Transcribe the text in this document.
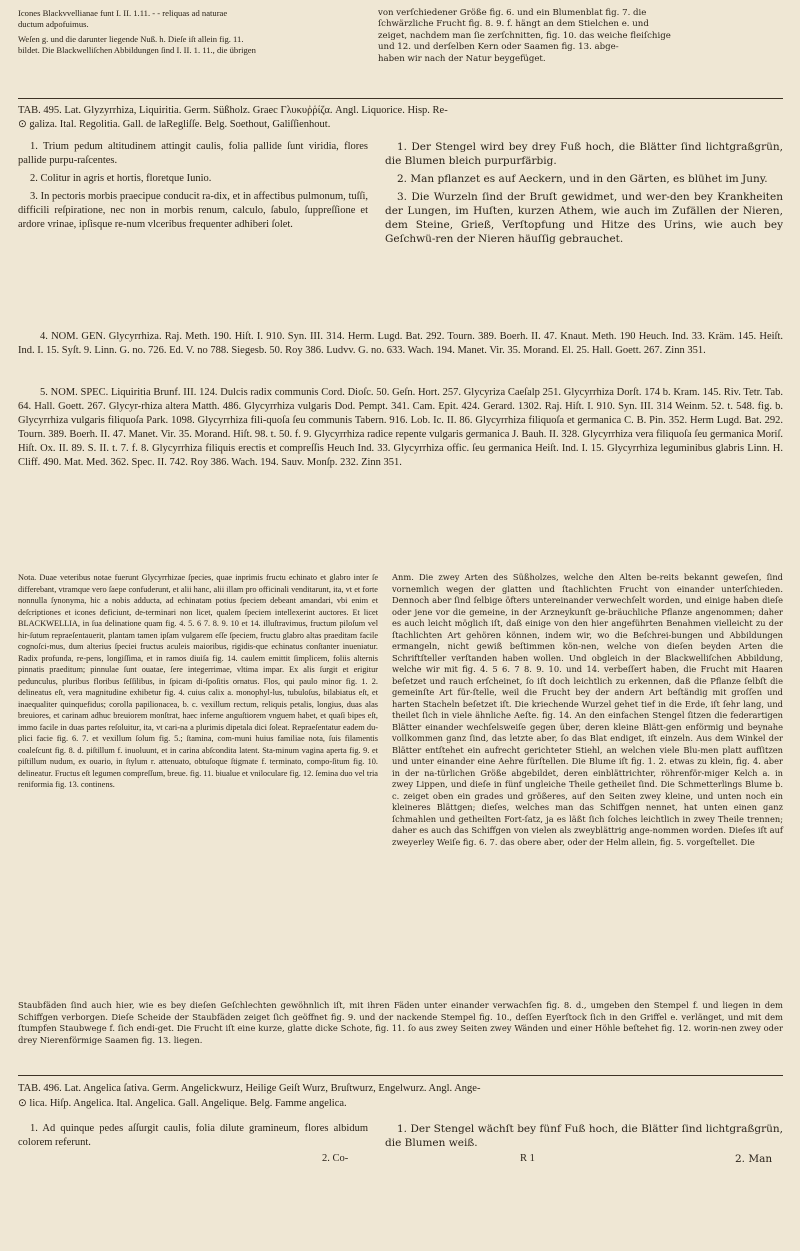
Icones Blackvvellianae funt I. II. 1.11. - - reliquas ad naturae
ductum adpofuimus.
Weſen g. und die darunter liegende Nuß. h. Dieſe iſt allein fig. 11.
bildet. Die Blackwelliſchen Abbildungen ſind I. II. 1. 11., die übrigen
von verſchiedener Größe fig. 6. und ein Blumenblat fig. 7. die
ſchwärzliche Frucht fig. 8. 9. f. hängt an dem Stielchen e. und
zeiget, nachdem man ſie zerſchnitten, fig. 10. das weiche fleiſchige
und 12. und derſelben Kern oder Saamen fig. 13. abge-
haben wir nach der Natur beygefüget.
TAB. 495. Lat. Glyzyrrhiza, Liquiritia. Germ. Süßholz. Graec Γλυκυῤῥίζα. Angl. Liquorice. Hisp. Re-
⊙ galiza. Ital. Regolitia. Gall. de laRegliſſe. Belg. Soethout, Galiſſienhout.

1. Trium pedum altitudinem attingit caulis, folia pallide ſunt viridia, flores pallide purpu-raſcentes.

2. Colitur in agris et hortis, floretque Iunio.

3. In pectoris morbis praecipue conducit ra-dix, et in affectibus pulmonum, tuſſi, difficili reſpiratione, nec non in morbis renum, calculo, ſabulo, ſuppreſſione et ardore vrinae, ipſisque re-num vlceribus frequenter adhiberi ſolet.

1. Der Stengel wird bey drey Fuß hoch, die Blätter ſind lichtgraßgrün, die Blumen bleich purpurfärbig.

2. Man pflanzet es auf Aeckern, und in den Gärten, es blühet im Juny.

3. Die Wurzeln ſind der Bruſt gewidmet, und wer-den bey Krankheiten der Lungen, im Huſten, kurzen Athem, wie auch im Zufällen der Nieren, dem Steine, Grieß, Verſtopfung und Hitze des Urins, wie auch bey Geſchwü-ren der Nieren häuſſig gebrauchet.

4. NOM. GEN. Glycyrrhiza. Raj. Meth. 190. Hiſt. I. 910. Syn. III. 314. Herm. Lugd. Bat. 292. Tourn. 389. Boerh. II. 47. Knaut. Meth. 190 Heuch. Ind. 33. Kräm. 145. Heiſt. Ind. I. 15. Syſt. 9. Linn. G. no. 726. Ed. V. no 788. Siegesb. 50. Roy 386. Ludvv. G. no. 633. Wach. 194. Manet. Vir. 35. Morand. El. 25. Hall. Goett. 267. Zinn 351.
5. NOM. SPEC. Liquiritia Brunf. III. 124. Dulcis radix communis Cord. Dioſc. 50. Geſn. Hort. 257. Glycyriza Caeſalp 251. Glycyrrhiza Dorſt. 174 b. Kram. 145. Riv. Tetr. Tab. 64. Hall. Goett. 267. Glycyr-rhiza altera Matth. 486. Glycyrrhiza vulgaris Dod. Pempt. 341. Cam. Epit. 424. Gerard. 1302. Raj. Hiſt. I. 910. Syn. III. 314 Weinm. 52. t. 548. fig. b. Glycyrrhiza vulgaris filiquoſa Park. 1098. Glycyrrhiza fili-quoſa ſeu communis Tabern. 916. Lob. Ic. II. 86. Glycyrrhiza filiquoſa et germanica C. B. Pin. 352. Herm Lugd. Bat. 292. Tourn. 389. Boerh. II. 47. Manet. Vir. 35. Morand. Hiſt. 98. t. 50. f. 9. Glycyrrhiza radice repente vulgaris germanica J. Bauh. II. 328. Glycyrrhiza vera filiquoſa ſeu germanica Moriſ. Hiſt. Ox. II. 89. S. II. t. 7. f. 8. Glycyrrhiza filiquis erectis et compreſſis Heuch Ind. 33. Glycyrrhiza offic. ſeu germanica Heiſt. Ind. I. 15. Glycyrrhiza leguminibus glabris Linn. H. Cliff. 490. Mat. Med. 362. Spec. II. 742. Roy 386. Wach. 194. Sauv. Monſp. 232. Zinn 351.
Nota. Duae veteribus notae fuerunt Glycyrrhizae ſpecies, quae inprimis fructu echinato et glabro inter ſe differebant, vtramque vero ſaepe confuderunt, et alii hanc, alii illam pro officinali venditarunt, ita, vt et forte nonnulla ſynonyma, hic a nobis adducta, ad echinatam potius ſpeciem debeant amandari, vbi enim et deſcriptiones et icones deficiunt, de-terminari non licet, qualem ſpeciem intellexerint auctores. Et licet BLACKWELLIA, in ſua delinatione quam fig. 4. 5. 6 7. 8. 9. 10 et 14. illuſtravimus, fructum piloſum vel hir-ſutum repraeſentauerit, plantam tamen ipſam vulgarem eſſe ſpeciem, fructu glabro altas praeditam facile cognoſci-mus, dum alterius ſpeciei fructus aculeis maioribus, rigidis-que echinatus conſtanter inueniatur. Radix profunda, re-pens, longiſſima, et in ramos diuiſa fig. 14. caulem emittit ſimplicem, foliis alternis pinnatis praeditum; pinnulae ſunt ouatae, ſere integerrimae, vltima impar. Ex alis ſurgit et erigitur pedunculus, pluribus floribus ſeſſilibus, in ſpicam di-ſpoſitis ornatus. Flos, qui paulo minor fig. 1. 2. delineatus eſt, vera magnitudine exhibetur fig. 4. cuius calix a. monophyl-lus, tubuloſus, bilabiatus eſt, et inaequaliter quinquefidus; corolla papilionacea, b. c. vexillum rectum, reliquis petalis, longius, duas alas breuiores, et carinam adhuc breuiorem monſtrat, haec inferne anguſtiorem vnguem habet, et quaſi bipes eſt, immo facile in duas partes reſoluitur, ita, vt cari-na a plurimis dipetala dici ſoleat. Repraeſentatur eadem du-plici facie fig. 6. 7. et vexillum ſolum fig. 5.; ſtamina, com-muni huius familiae nota, ſuis filamentis coaleſcunt fig. 8. d. piſtillum f. inuoluunt, et in carina abſcondita latent. Sta-minum vagina aperta fig. 9. et piſtillum nudum, ex ouario, in ſtylum r. attenuato, obtuſoque ſtigmate f. terminato, compo-ſitum fig. 10. delineatur. Fructus eſt legumen compreſſum, breue. fig. 11. biualue et vniloculare fig. 12. ſemina duo vel tria reniformia fig. 13. continens.
Anm. Die zwey Arten des Süßholzes, welche den Alten be-reits bekannt geweſen, ſind vornemlich wegen der glatten und ſtachlichten Frucht von einander unterſchieden. Dennoch aber ſind ſelbige öfters untereinander verwechſelt worden, und einige haben dieſe oder jene vor die gemeine, in der Arzneykunſt ge-bräuchliche Pflanze angenommen; daher es auch leicht möglich iſt, daß einige von den hier angeführten Benahmen vielleicht zu der ſtachlichten Art gehören können, indem wir, wo die Beſchrei-bungen und Abbildungen ermangeln, nicht gewiß beſtimmen kön-nen, welche von dieſen beyden Arten die Schriftſteller verſtanden haben wollen. Und obgleich in der Blackwelliſchen Abbildung, welche wir mit fig. 4. 5 6. 7 8. 9. 10. und 14. verbeſſert haben, die Frucht mit Haaren beſetzet und rauch erſcheinet, ſo iſt doch leichtlich zu erkennen, daß die Pflanze ſelbſt die gemeinſte Art für-ſtelle, weil die Frucht bey der andern Art beſtändig mit groſſen und harten Stacheln beſetzet iſt. Die kriechende Wurzel gehet tief in die Erde, iſt ſehr lang, und theilet ſich in viele ähnliche Aeſte. fig. 14. An den einfachen Stengel ſitzen die federartigen Blätter einander wechſelsweiſe gegen über, deren kleine Blätt-gen enförmig und beynahe vollkommen ganz ſind, das letzte aber, ſo das Blat endiget, iſt einzeln. Aus dem Winkel der Blätter entſtehet ein aufrecht gerichteter Stiehl, an welchen viele Blu-men platt aufſitzen und unter einander eine Aehre fürſtellen. Die Blume iſt fig. 1. 2. etwas zu klein, fig. 4. aber in der na-türlichen Größe abgebildet, deren einblättrichter, röhrenför-miger Kelch a. in zwey Lippen, und dieſe in fünf ungleiche Theile getheilet ſind. Die Schmetterlings Blume b. c. zeiget oben ein grades und größeres, auf den Seiten zwey kleine, und unten noch ein kleineres Blättgen; dieſes, welches man das Schiffgen nennet, hat unten einen ganz ſchmahlen und getheilten Fort-ſatz, ja es läßt ſich ſolches leichtlich in zwey Theile trennen; daher es auch das Schiffgen von vielen als zweyblättrig ange-nommen worden. Dieſes iſt auf zweyerley Weiſe fig. 6. 7. das obere aber, oder der Helm allein, fig. 5. vorgeſtellet. Die
Staubfäden ſind auch hier, wie es bey dieſen Geſchlechten gewöhnlich iſt, mit ihren Fäden unter einander verwachſen fig. 8. d., umgeben den Stempel f. und liegen in dem Schiffgen verborgen. Dieſe Scheide der Staubfäden zeiget ſich geöffnet fig. 9. und der nackende Stempel fig. 10., deſſen Eyerſtock ſich in den Griffel e. verlänget, und mit dem ſtumpfen Staubwege f. ſich endi-get. Die Frucht iſt eine kurze, glatte dicke Schote, fig. 11. ſo aus zwey Seiten zwey Wänden und einer Höhle beſtehet fig. 12. worin-nen zwey oder drey Nierenförmige Saamen fig. 13. liegen.
TAB. 496. Lat. Angelica ſativa. Germ. Angelickwurz, Heilige Geiſt Wurz, Bruſtwurz, Engelwurz. Angl. Ange-
⊙ lica. Hiſp. Angelica. Ital. Angelica. Gall. Angelique. Belg. Famme angelica.
1. Ad quinque pedes aſſurgit caulis, folia dilute gramineum, flores albidum colorem referunt.
1. Der Stengel wächſt bey fünf Fuß hoch, die Blätter ſind lichtgraßgrün, die Blumen weiß.
2. Co-	R 1	2. Man
